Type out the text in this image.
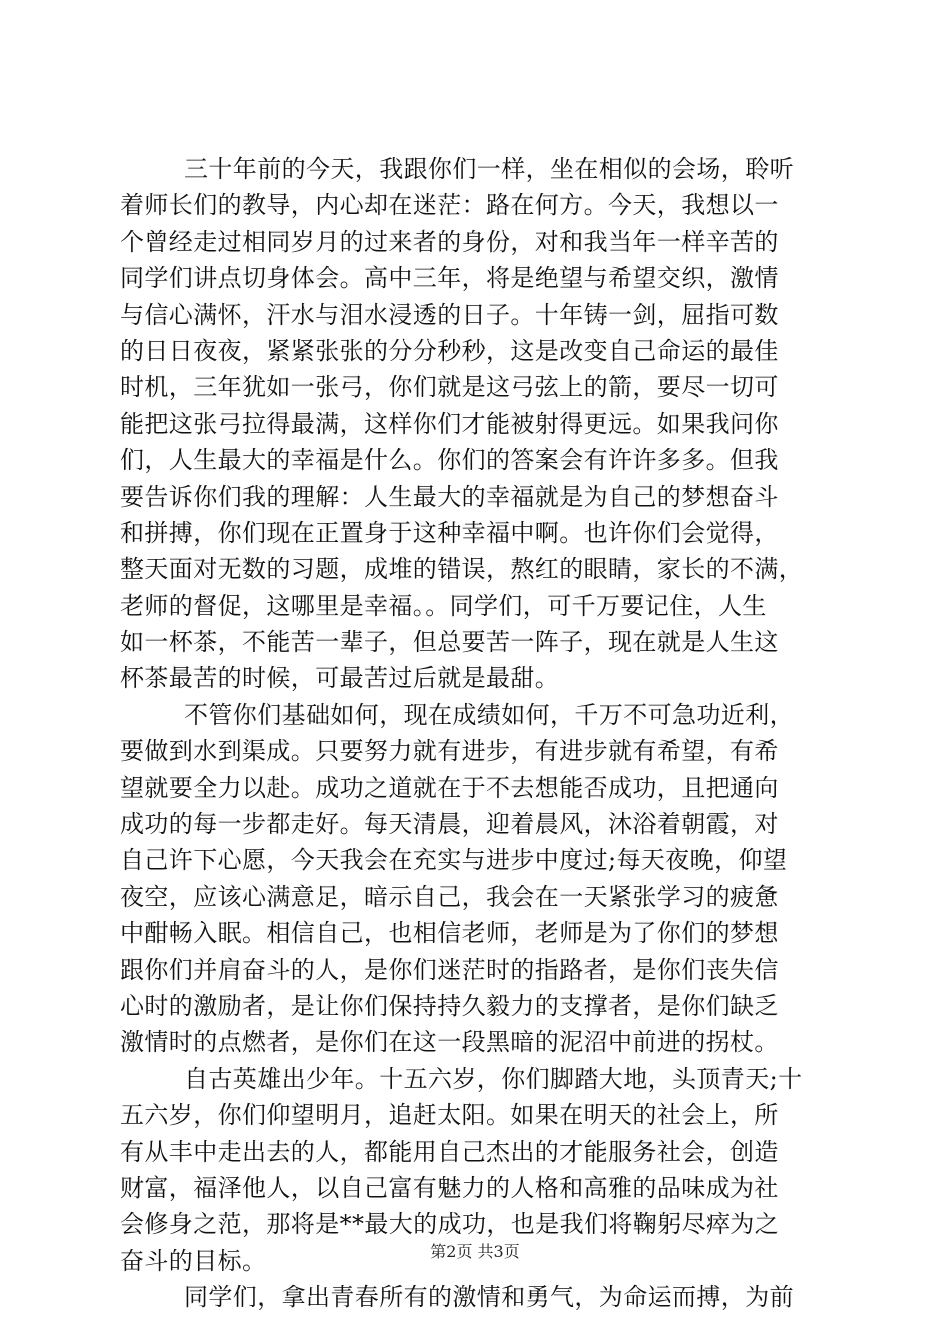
三十年前的今天，我跟你们一样，坐在相似的会场，聆听
着师长们的教导，内心却在迷茫：路在何方。今天，我想以一
个曾经走过相同岁月的过来者的身份，对和我当年一样辛苦的
同学们讲点切身体会。高中三年，将是绝望与希望交织，激情
与信心满怀，汗水与泪水浸透的日子。十年铸一剑，屈指可数
的日日夜夜，紧紧张张的分分秒秒，这是改变自己命运的最佳
时机，三年犹如一张弓，你们就是这弓弦上的箭，要尽一切可
能把这张弓拉得最满，这样你们才能被射得更远。如果我问你
们，人生最大的幸福是什么。你们的答案会有许许多多。但我
要告诉你们我的理解：人生最大的幸福就是为自己的梦想奋斗
和拼搏，你们现在正置身于这种幸福中啊。也许你们会觉得，
整天面对无数的习题，成堆的错误，熬红的眼睛，家长的不满，
老师的督促，这哪里是幸福。。同学们，可千万要记住，人生
如一杯茶，不能苦一辈子，但总要苦一阵子，现在就是人生这
杯茶最苦的时候，可最苦过后就是最甜。
不管你们基础如何，现在成绩如何，千万不可急功近利，
要做到水到渠成。只要努力就有进步，有进步就有希望，有希
望就要全力以赴。成功之道就在于不去想能否成功，且把通向
成功的每一步都走好。每天清晨，迎着晨风，沐浴着朝霞，对
自己许下心愿，今天我会在充实与进步中度过;每天夜晚，仰望
夜空，应该心满意足，暗示自己，我会在一天紧张学习的疲惫
中酣畅入眠。相信自己，也相信老师，老师是为了你们的梦想
跟你们并肩奋斗的人，是你们迷茫时的指路者，是你们丧失信
心时的激励者，是让你们保持持久毅力的支撑者，是你们缺乏
激情时的点燃者，是你们在这一段黑暗的泥沼中前进的拐杖。
自古英雄出少年。十五六岁，你们脚踏大地，头顶青天;十
五六岁，你们仰望明月，追赶太阳。如果在明天的社会上，所
有从丰中走出去的人，都能用自己杰出的才能服务社会，创造
财富，福泽他人，以自己富有魅力的人格和高雅的品味成为社
会修身之范，那将是**最大的成功，也是我们将鞠躬尽瘁为之
奋斗的目标。
同学们，拿出青春所有的激情和勇气，为命运而搏，为前
第2页 共3页
